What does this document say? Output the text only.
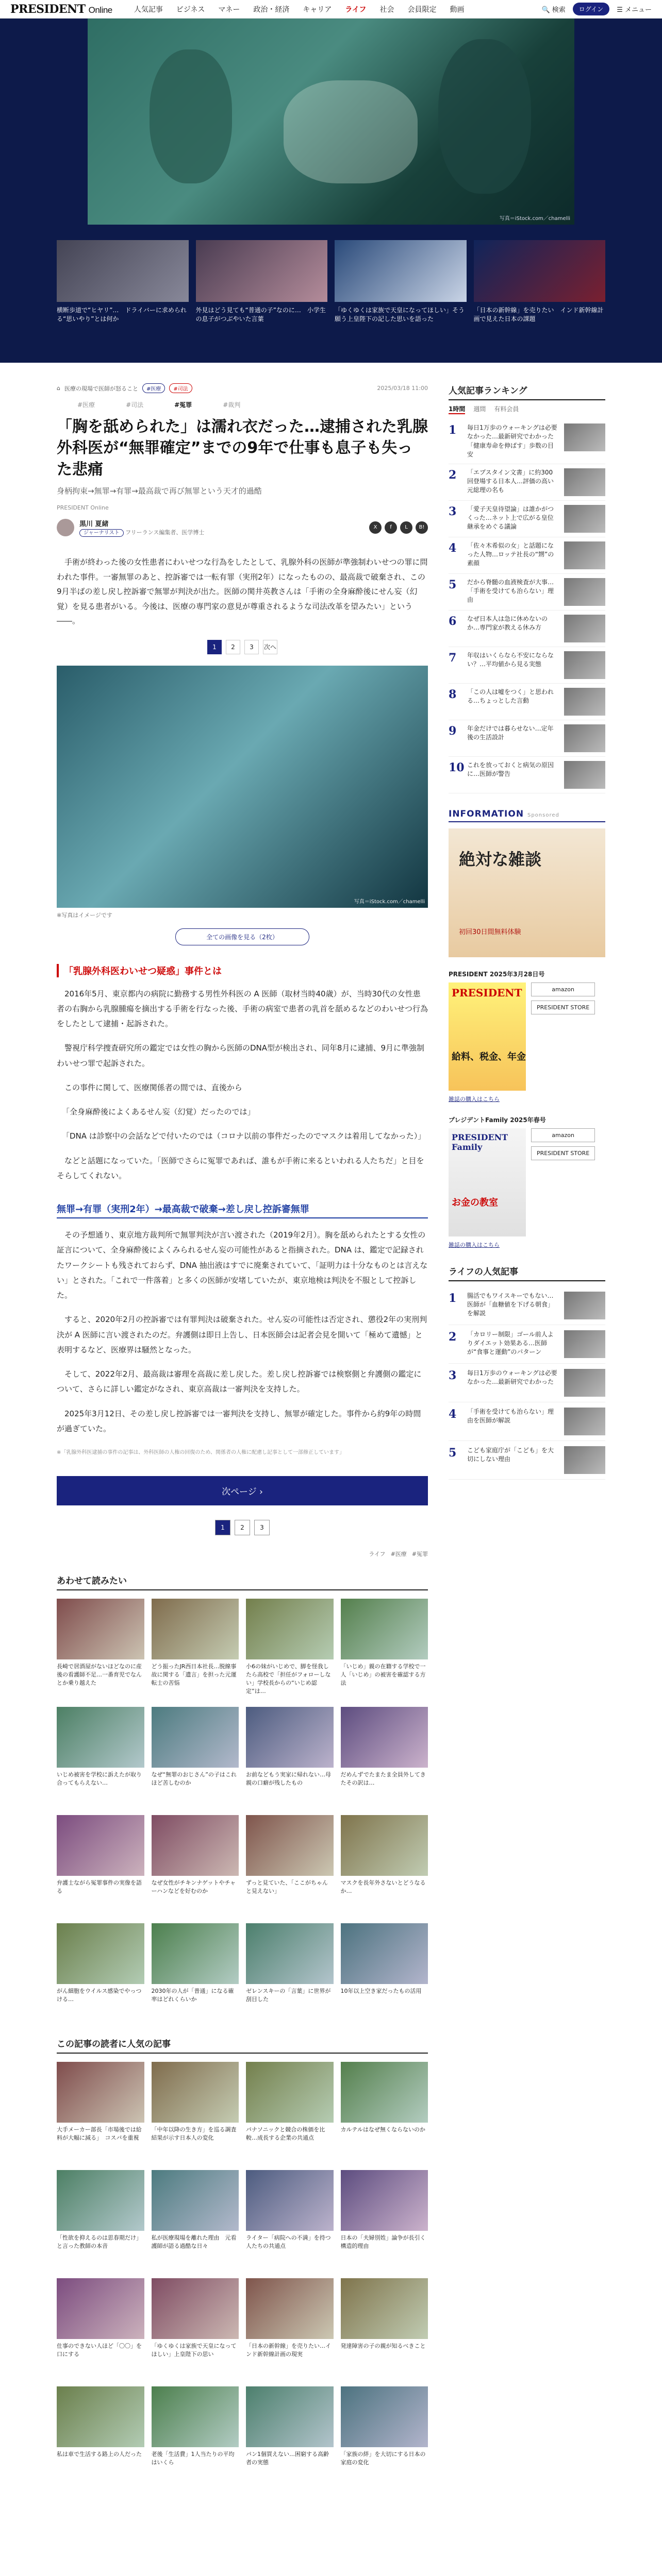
PRESIDENT Online	人気記事	ビジネス	マネー	政治・経済	キャリア	ライフ	社会	会員限定	動画	🔍 検索	ログイン	☰ メニュー
写真＝iStock.com／chamelli
横断歩道で“ヒヤリ”…　ドライバーに求められる“思いやり”とは何か
外見はどう見ても“普通の子”なのに…　小学生の息子がつぶやいた言葉
「ゆくゆくは家族で天皇になってほしい」そう願う上皇陛下の記した思いを語った
「日本の新幹線」を売りたい　インド新幹線計画で見えた日本の課題
⌂ 医療の現場で医師が怒ること	#医療	#司法	2025/03/18 11:00
#医療	#司法	#冤罪	#裁判
「胸を舐められた」は濡れ衣だった…逮捕された乳腺外科医が“無罪確定”までの9年で仕事も息子も失った悲痛
身柄拘束→無罪→有罪→最高裁で再び無罪という天才的過酷
PRESIDENT Online
黒川 夏緒
ジャーナリスト フリーランス編集者、医学博士
X	f	L	B!

　手術が終わった後の女性患者にわいせつな行為をしたとして、乳腺外科の医師が準強制わいせつの罪に問われた事件。一審無罪のあと、控訴審では一転有罪（実刑2年）になったものの、最高裁で破棄され、この9月半ばの差し戻し控訴審で無罪が判決が出た。医師の関井英教さんは「手術の全身麻酔後にせん妄（幻覚）を見る患者がいる。今後は、医療の専門家の意見が尊重されるような司法改革を望みたい」という――。

1	2	3	次へ
写真＝iStock.com／chamelli
※写真はイメージです
全ての画像を見る（2枚）
「乳腺外科医わいせつ疑惑」事件とは

　2016年5月、東京都内の病院に勤務する男性外科医の A 医師（取材当時40歳）が、当時30代の女性患者の右胸から乳腺腫瘍を摘出する手術を行なった後、手術の病室で患者の乳首を舐めるなどのわいせつ行為をしたとして逮捕・起訴された。

　警視庁科学捜査研究所の鑑定では女性の胸から医師のDNA型が検出され、同年8月に逮捕、9月に準強制わいせつ罪で起訴された。

　この事件に関して、医療関係者の間では、直後から

「全身麻酔後によくあるせん妄（幻覚）だったのでは」

「DNA は診察中の会話などで付いたのでは（コロナ以前の事件だったのでマスクは着用してなかった）」

　などと話題になっていた。「医師でさらに冤罪であれば、誰もが手術に来るといわれる人たちだ」と目をそらしてくれない。

無罪→有罪（実刑2年）→最高裁で破棄→差し戻し控訴審無罪

　その予想通り、東京地方裁判所で無罪判決が言い渡された（2019年2月）。胸を舐められたとする女性の証言について、全身麻酔後によくみられるせん妄の可能性があると指摘された。DNA は、鑑定で記録されたワークシートも残されておらず、DNA 抽出液はすでに廃棄されていて、「証明力は十分なものとは言えない」とされた。「これで一件落着」と多くの医師が安堵していたが、東京地検は判決を不服として控訴した。

　すると、2020年2月の控訴審では有罪判決は破棄された。せん妄の可能性は否定され、懲役2年の実刑判決が A 医師に言い渡されたのだ。弁護側は即日上告し、日本医師会は記者会見を開いて「極めて遺憾」と表明するなど、医療界は騒然となった。

　そして、2022年2月、最高裁は審理を高裁に差し戻した。差し戻し控訴審では検察側と弁護側の鑑定について、さらに詳しい鑑定がなされ、東京高裁は一審判決を支持した。

　2025年3月12日、その差し戻し控訴審では一審判決を支持し、無罪が確定した。事件から約9年の時間が過ぎていた。

※「乳腺外科医逮捕の事件の記事は、外科医師の人権の回復のため、関係者の人権に配慮し記事として一部修正しています」

次ページ ›
1	2	3
ライフ #医療 #冤罪
あわせて読みたい
長崎で居酒屋がないほどなのに産後の看護師不足…一番育児でなんとか乗り越えた
どう振ったJR西日本社長…脱線事故に関する「遺言」を担った元運転士の苦悩
小6の妹がいじめで、脚を怪我したら高校で「担任がフォローしない」学校長からの“いじめ認定”は…
「いじめ」親の在籍する学校で一人「いじめ」の被害を確認する方法
いじめ被害を学校に訴えたが取り合ってもらえない…
なぜ“無罪のおじさん”の子はこれほど苦しむのか
お前などもう実家に帰れない…母親の口癖が残したもの
だめんずでたまたま全員外してきたその訳は…
弁護士ながら冤罪事件の実像を語る
なぜ女性がチキンナゲットやチャーハンなどを好むのか
ずっと見ていた、「ここがちゃんと見えない」
マスクを長年外さないとどうなるか…
がん細胞をウイルス感染でやっつける…
2030年の人が「普通」になる確率はどれくらいか
ゼレンスキーの「言葉」に世界が刮目した
10年以上空き家だったもの活用
この記事の読者に人気の記事
大手メーカー部長「市場後では給料が大幅に減る」　コスパを重視
「中年以降の生き方」を巡る調査結果が示す日本人の変化
パナソニックと競合の株価を比較…成長する企業の共通点
カルテルはなぜ無くならないのか
「性欲を抑えるのは思春期だけ」と言った教師の本音
私が医療現場を離れた理由　元看護師が語る過酷な日々
ライター「病院への不満」を持つ人たちの共通点
日本の「夫婦別姓」論争が長引く構造的理由
仕事のできない人ほど「〇〇」を口にする
「ゆくゆくは家族で天皇になってほしい」上皇陛下の思い
「日本の新幹線」を売りたい…インド新幹線計画の現実
発達障害の子の親が知るべきこと
私は車で生活する路上の人だった	老後「生活費」1人当たりの平均はいくら
パン1個買えない…困窮する高齢者の実態
「家族の絆」を大切にする日本の家庭の変化
人気記事ランキング
1時間 週間 有料会員
1	毎日1万歩のウォーキングは必要なかった…最新研究でわかった「健康寿命を伸ばす」歩数の目安
2	「エプスタイン文書」に約300回登場する日本人…評価の高い元総理の名も
3	「愛子天皇待望論」は誰かがつくった…ネット上で広がる皇位継承をめぐる議論
4	「佐々木希似の女」と話題になった人物…ロッテ社長の“甥”の素顔
5	だから脊髄の血液検査が大事…「手術を受けても治らない」理由
6	なぜ日本人は急に休めないのか…専門家が教える休み方
7	年収はいくらなら不安にならない？…平均値から見る実態
8	「この人は嘘をつく」と思われる…ちょっとした言動
9	年金だけでは暮らせない…定年後の生活設計
10 これを放っておくと病気の原因に…医師が警告
INFORMATION Sponsored
絶対な雑談
初回30日間無料体験
PRESIDENT 2025年3月28日号
PRESIDENT
給料、税金、年金
amazon
PRESIDENT STORE
雑誌の購入はこちら
プレジデントFamily 2025年春号
PRESIDENT Family
お金の教室
amazon
PRESIDENT STORE
雑誌の購入はこちら
ライフの人気記事
1	腸活でもワイスキーでもない…医師が「血糖値を下げる朝食」を解説
2	「カロリー制限」ゴール前人よりダイエット効果ある…医師が“食事と運動”のパターン
3	毎日1万歩のウォーキングは必要なかった…最新研究でわかった
4	「手術を受けても治らない」理由を医師が解説
5	こども家庭庁が「こども」を大切にしない理由
